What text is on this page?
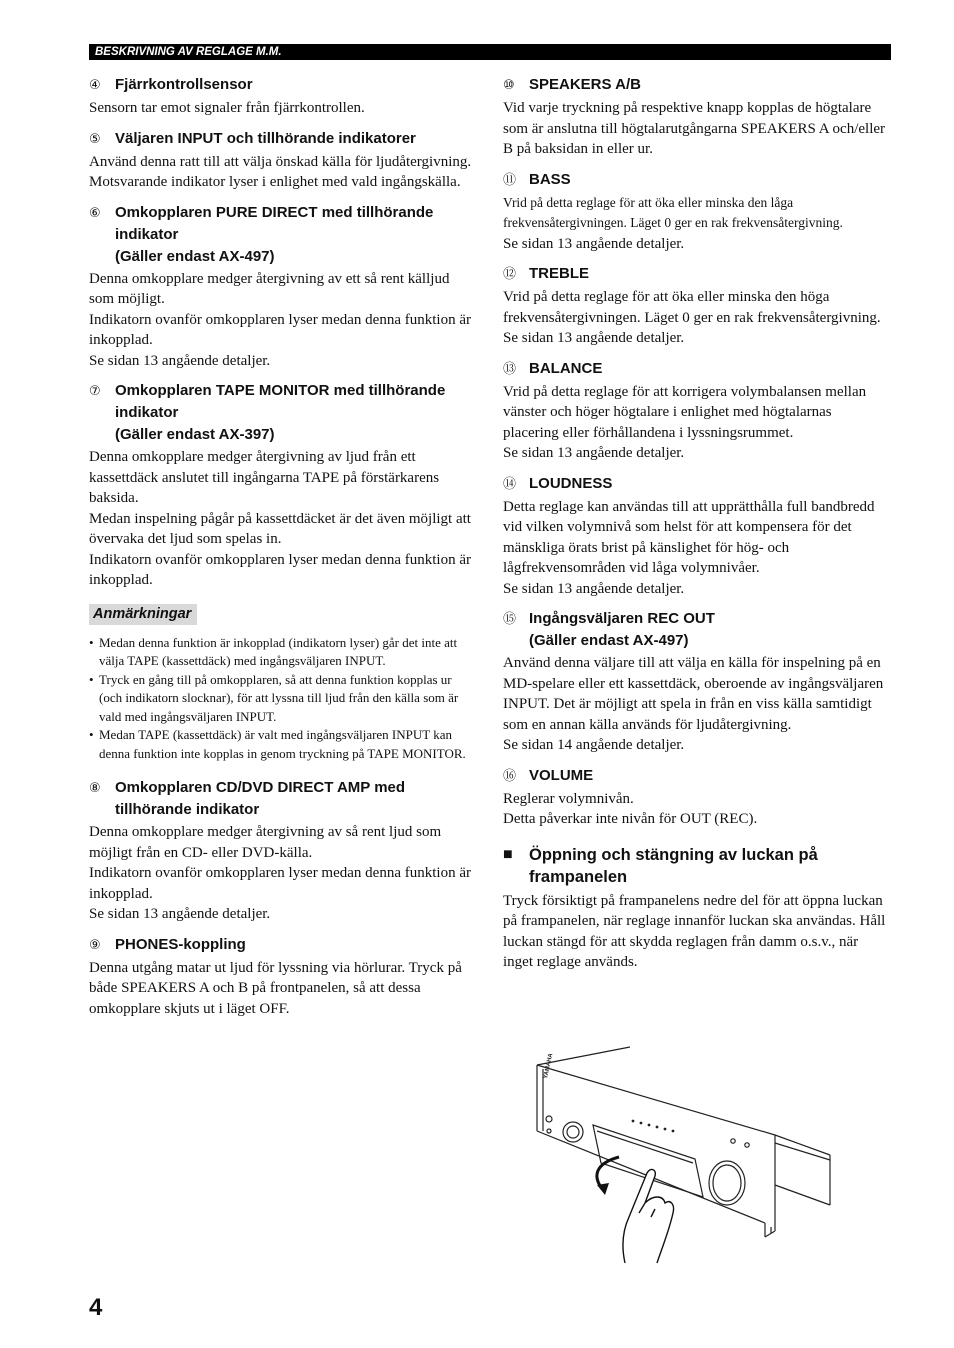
BESKRIVNING AV REGLAGE M.M.
④ Fjärrkontrollsensor

Sensorn tar emot signaler från fjärrkontrollen.

⑤ Väljaren INPUT och tillhörande indikatorer

Använd denna ratt till att välja önskad källa för ljudåtergivning.

Motsvarande indikator lyser i enlighet med vald ingångskälla.

⑥ Omkopplaren PURE DIRECT med tillhörande indikator
(Gäller endast AX-497)

Denna omkopplare medger återgivning av ett så rent källjud som möjligt.

Indikatorn ovanför omkopplaren lyser medan denna funktion är inkopplad.

Se sidan 13 angående detaljer.

⑦ Omkopplaren TAPE MONITOR med tillhörande indikator
(Gäller endast AX-397)

Denna omkopplare medger återgivning av ljud från ett kassettdäck anslutet till ingångarna TAPE på förstärkarens baksida.

Medan inspelning pågår på kassettdäcket är det även möjligt att övervaka det ljud som spelas in.

Indikatorn ovanför omkopplaren lyser medan denna funktion är inkopplad.

Anmärkningar
• Medan denna funktion är inkopplad (indikatorn lyser) går det inte att välja TAPE (kassettdäck) med ingångsväljaren INPUT.
• Tryck en gång till på omkopplaren, så att denna funktion kopplas ur (och indikatorn slocknar), för att lyssna till ljud från den källa som är vald med ingångsväljaren INPUT.
• Medan TAPE (kassettdäck) är valt med ingångsväljaren INPUT kan denna funktion inte kopplas in genom tryckning på TAPE MONITOR.
⑧ Omkopplaren CD/DVD DIRECT AMP med tillhörande indikator

Denna omkopplare medger återgivning av så rent ljud som möjligt från en CD- eller DVD-källa.

Indikatorn ovanför omkopplaren lyser medan denna funktion är inkopplad.

Se sidan 13 angående detaljer.

⑨ PHONES-koppling

Denna utgång matar ut ljud för lyssning via hörlurar. Tryck på både SPEAKERS A och B på frontpanelen, så att dessa omkopplare skjuts ut i läget OFF.

⑩ SPEAKERS A/B

Vid varje tryckning på respektive knapp kopplas de högtalare som är anslutna till högtalarutgångarna SPEAKERS A och/eller B på baksidan in eller ur.

⑪ BASS

Vrid på detta reglage för att öka eller minska den låga frekvensåtergivningen. Läget 0 ger en rak frekvensåtergivning.

Se sidan 13 angående detaljer.

⑫ TREBLE

Vrid på detta reglage för att öka eller minska den höga frekvensåtergivningen. Läget 0 ger en rak frekvensåtergivning.

Se sidan 13 angående detaljer.

⑬ BALANCE

Vrid på detta reglage för att korrigera volymbalansen mellan vänster och höger högtalare i enlighet med högtalarnas placering eller förhållandena i lyssningsrummet.

Se sidan 13 angående detaljer.

⑭ LOUDNESS

Detta reglage kan användas till att upprätthålla full bandbredd vid vilken volymnivå som helst för att kompensera för det mänskliga örats brist på känslighet för hög- och lågfrekvensområden vid låga volymnivåer.

Se sidan 13 angående detaljer.

⑮ Ingångsväljaren REC OUT
(Gäller endast AX-497)

Använd denna väljare till att välja en källa för inspelning på en MD-spelare eller ett kassettdäck, oberoende av ingångsväljaren INPUT. Det är möjligt att spela in från en viss källa samtidigt som en annan källa används för ljudåtergivning.

Se sidan 14 angående detaljer.

⑯ VOLUME

Reglerar volymnivån.

Detta påverkar inte nivån för OUT (REC).

■ Öppning och stängning av luckan på frampanelen

Tryck försiktigt på frampanelens nedre del för att öppna luckan på frampanelen, när reglage innanför luckan ska användas. Håll luckan stängd för att skydda reglagen från damm o.s.v., när inget reglage används.

YAMAHA
4
